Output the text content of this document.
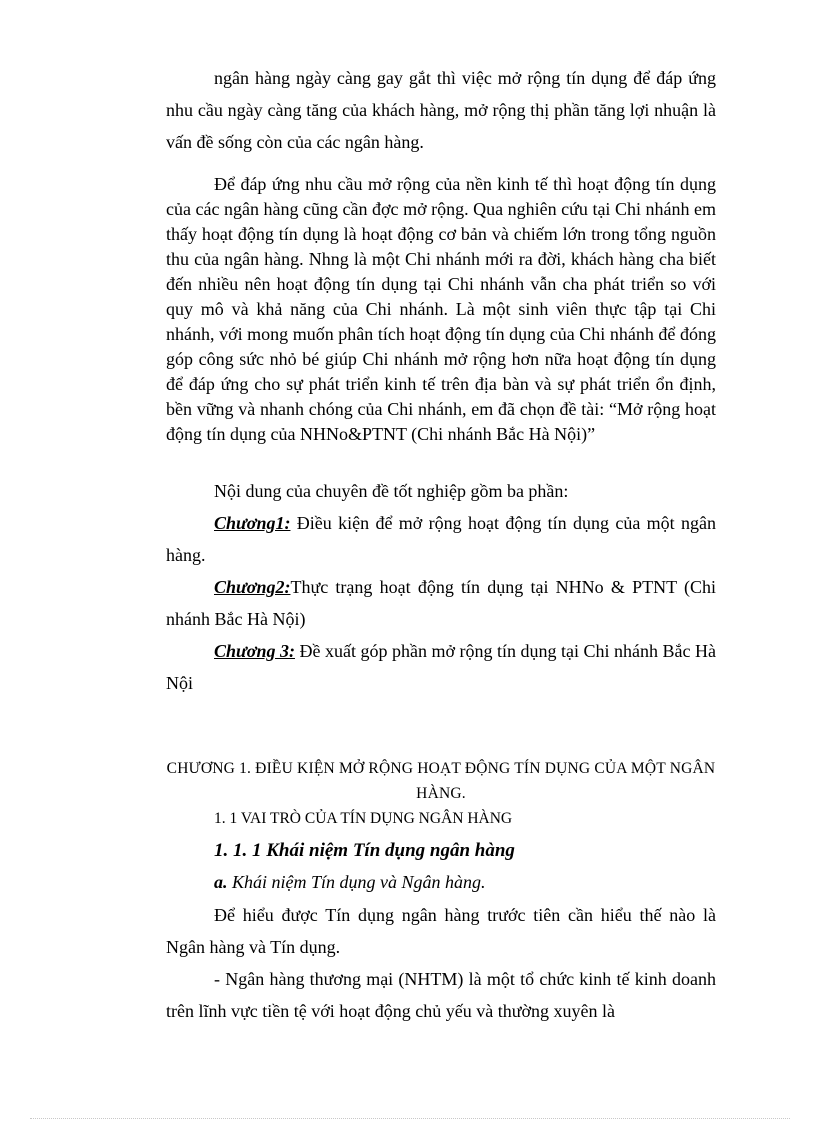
ngân hàng ngày càng gay gắt thì việc mở rộng tín dụng để đáp ứng nhu cầu ngày càng tăng của khách hàng, mở rộng thị phần tăng lợi nhuận là vấn đề sống còn của các ngân hàng.

Để đáp ứng nhu cầu mở rộng của nền kinh tế thì hoạt động tín dụng của các ngân hàng cũng cần đợc mở rộng. Qua nghiên cứu tại Chi nhánh em thấy hoạt động tín dụng là hoạt động cơ bản và chiếm lớn trong tổng nguồn thu của ngân hàng. Nhng là một Chi nhánh mới ra đời, khách hàng cha biết đến nhiều nên hoạt động tín dụng tại Chi nhánh vẫn cha phát triển so với quy mô và khả năng của Chi nhánh. Là một sinh viên thực tập tại Chi nhánh, với mong muốn phân tích hoạt động tín dụng của Chi nhánh để đóng góp công sức nhỏ bé giúp Chi nhánh mở rộng hơn nữa hoạt động tín dụng để đáp ứng cho sự phát triển kinh tế trên địa bàn và sự phát triển ổn định, bền vững và nhanh chóng của Chi nhánh, em đã chọn đề tài: “Mở rộng hoạt động tín dụng của NHNo&PTNT (Chi nhánh Bắc Hà Nội)”

Nội dung của chuyên đề tốt nghiệp gồm ba phần:

Chương1: Điều kiện để mở rộng hoạt động tín dụng của một ngân hàng.

Chương2:Thực trạng hoạt động tín dụng tại NHNo & PTNT (Chi nhánh Bắc Hà Nội)

Chương 3: Đề xuất góp phần mở rộng tín dụng tại Chi nhánh Bắc Hà Nội

CHƯƠNG 1. ĐIỀU KIỆN MỞ RỘNG HOẠT ĐỘNG TÍN DỤNG CỦA MỘT NGÂN HÀNG.

1. 1 VAI TRÒ CỦA TÍN DỤNG NGÂN HÀNG
1. 1. 1 Khái niệm Tín dụng ngân hàng
a. Khái niệm Tín dụng và Ngân hàng.

Để hiểu được Tín dụng ngân hàng trước tiên cần hiểu thế nào là Ngân hàng và Tín dụng.

- Ngân hàng thương mại (NHTM) là một tổ chức kinh tế kinh doanh trên lĩnh vực tiền tệ với hoạt động chủ yếu và thường xuyên là
